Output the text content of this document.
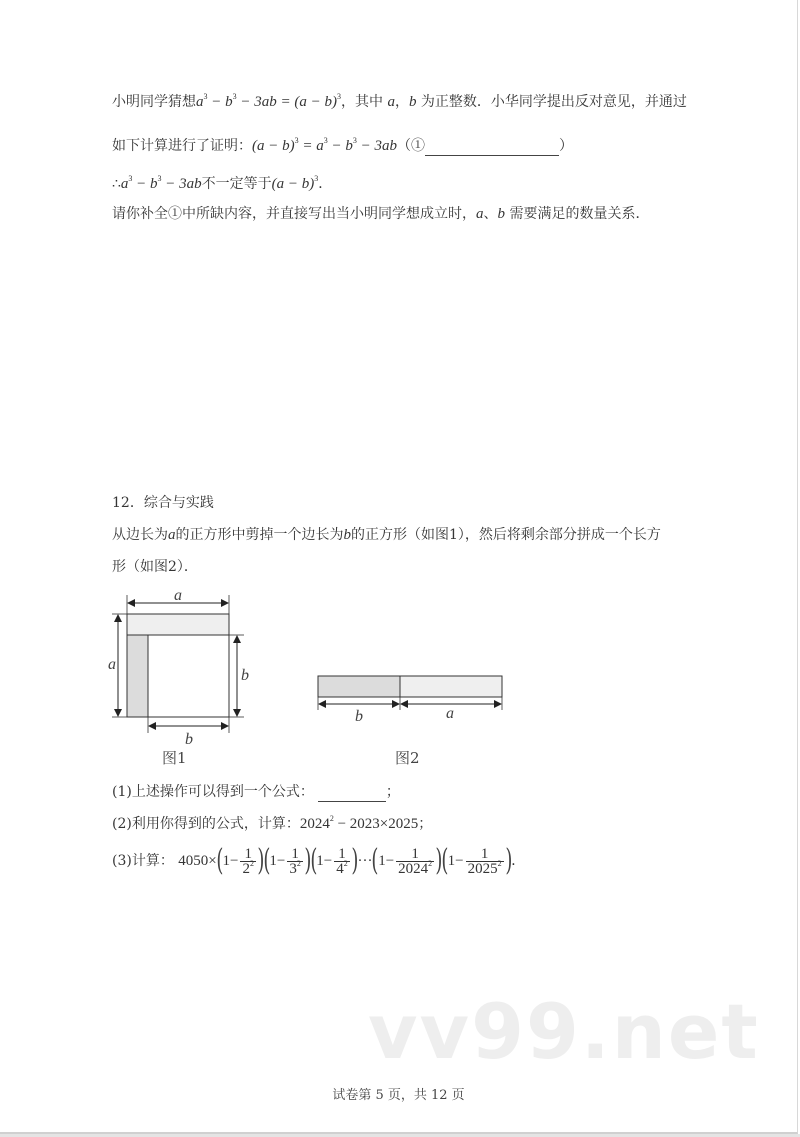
小明同学猜想$a^3 - b^3 - 3ab = (a - b)^3$，其中 a，b 为正整数．小华同学提出反对意见，并通过
如下计算进行了证明：$(a - b)^3 = a^3 - b^3$ − 3ab（①	）
$\therefore a^3 - b^3 - 3ab$不一定等于$(a - b)^3$．
请你补全①中所缺内容，并直接写出当小明同学想成立时，a、b 需要满足的数量关系．
12．综合与实践
从边长为a的正方形中剪掉一个边长为b的正方形（如图1），然后将剩余部分拼成一个长方
形（如图2）．
a
a
b
b
图1
b	a
图2
(1)上述操作可以得到一个公式：	；
(2)利用你得到的公式，计算：$2024^2 - 2023\times 2025$；
(3)计算： $4050\times(1- \frac{1}{2^2} )(1- \frac{1}{3^2} )(1- \frac{1}{4^2} )\cdot\cdot\cdot(1- \frac{1}{2024^2} )(1- \frac{1}{2025^2}$ )．
vv99.net
试卷第 5 页，共 12 页
